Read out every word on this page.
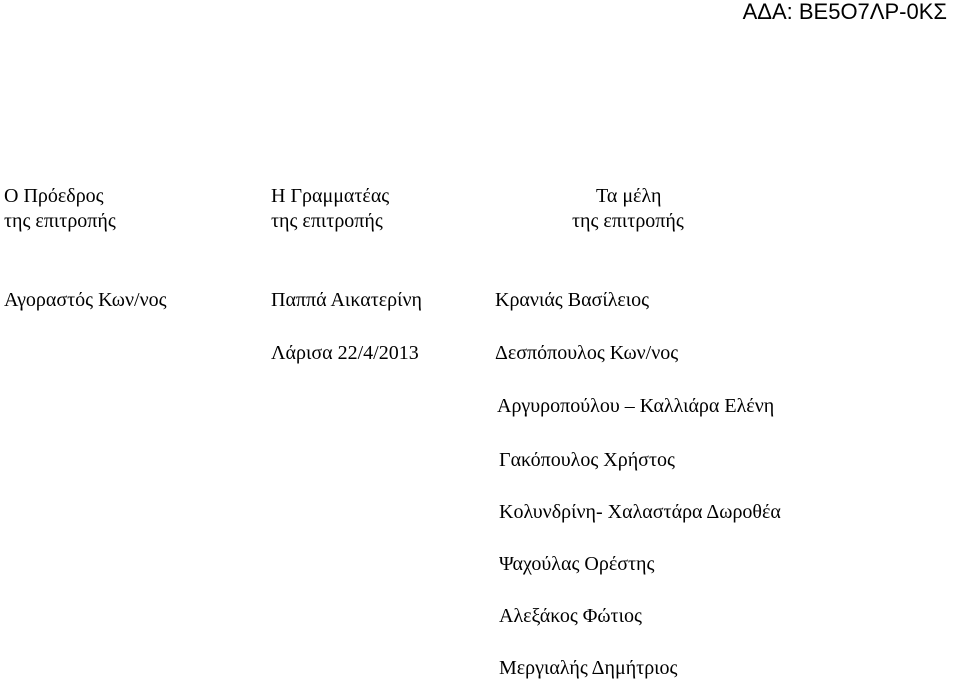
ΑΔΑ: ΒΕ5Ο7ΛΡ-0ΚΣ
Ο Πρόεδρος
της επιτροπής
Η Γραμματέας
της επιτροπής
Τα μέλη
της επιτροπής
Αγοραστός Κων/νος	Παππά Αικατερίνη
Λάρισα 22/4/2013
Κρανιάς Βασίλειος
Δεσπόπουλος Κων/νος
Αργυροπούλου – Καλλιάρα Ελένη
Γακόπουλος Χρήστος
Κολυνδρίνη- Χαλαστάρα Δωροθέα
Ψαχούλας Ορέστης
Αλεξάκος Φώτιος
Μεργιαλής Δημήτριος
